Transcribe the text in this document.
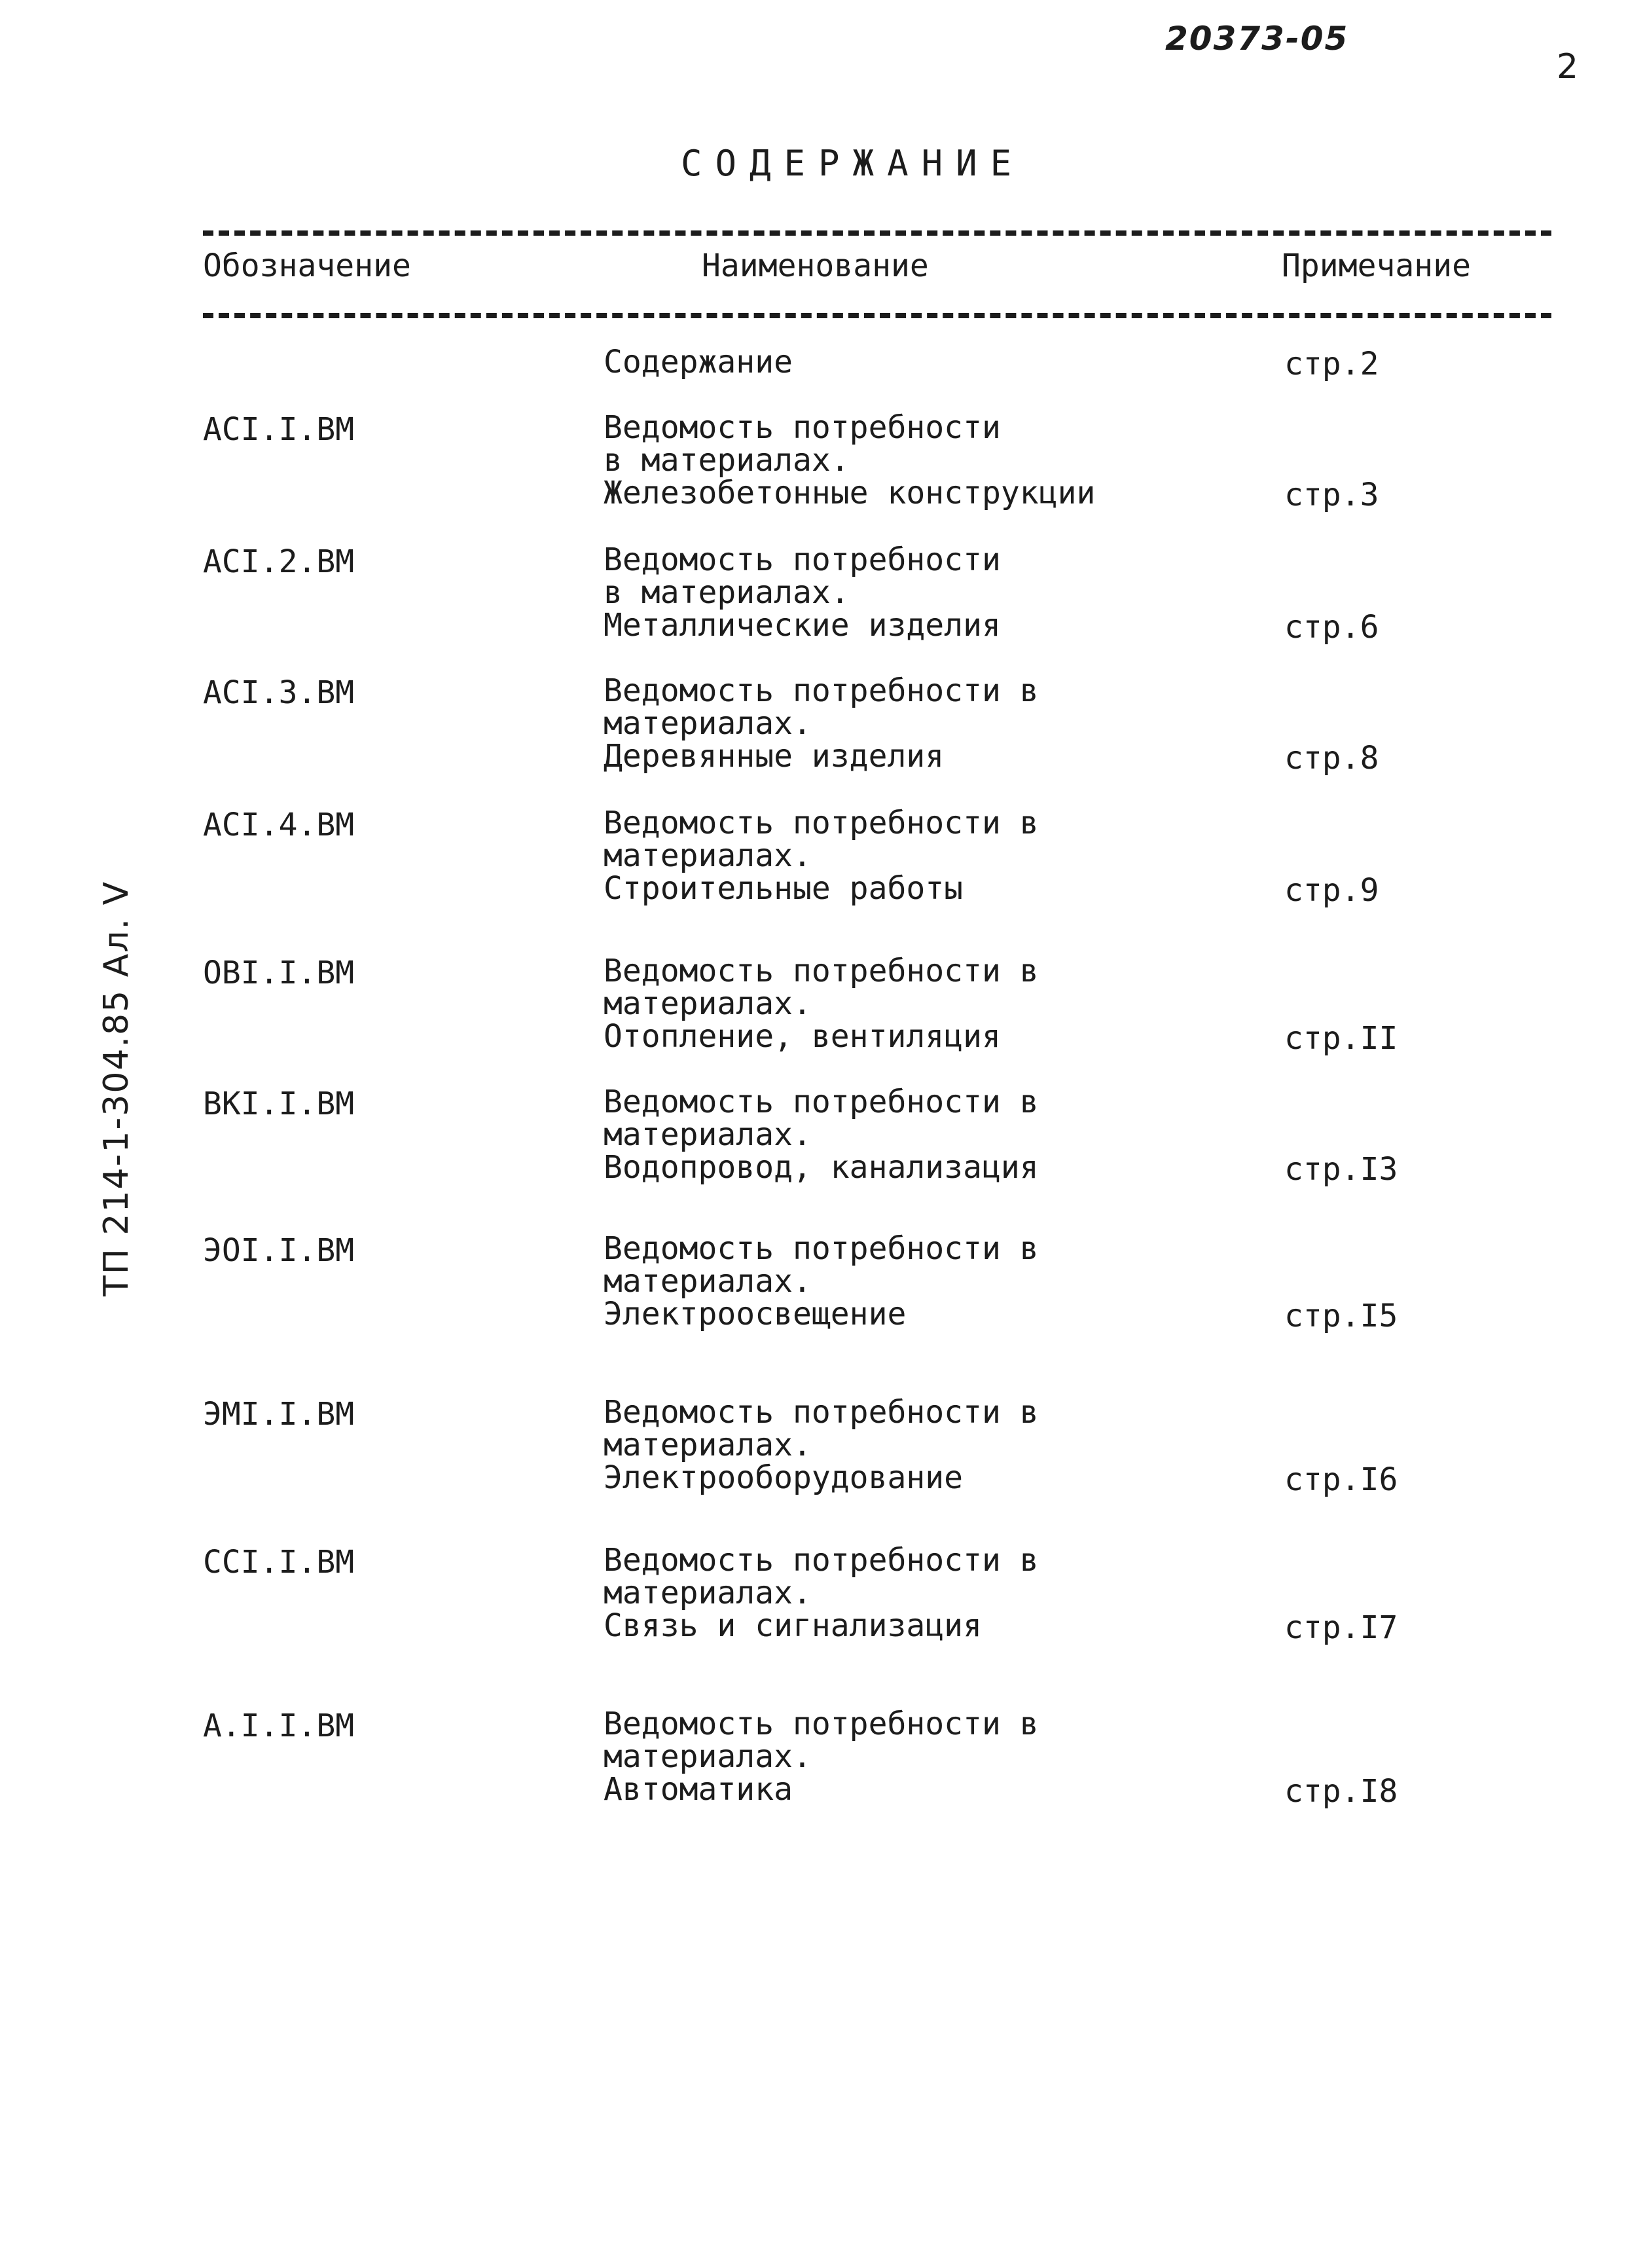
20373-05
2
СОДЕРЖАНИЕ
Обозначение	Наименование	Примечание
ТП 214-1-304.85 Ал. V
Содержание	стр.2
АСI.I.ВМ	Ведомость потребности
в материалах.
Железобетонные конструкции	стр.3
АСI.2.ВМ	Ведомость потребности
в материалах.
Металлические изделия	стр.6
АСI.3.ВМ	Ведомость потребности в
материалах.
Деревянные изделия	стр.8
АСI.4.ВМ	Ведомость потребности в
материалах.
Строительные работы	стр.9
ОВI.I.ВМ	Ведомость потребности в
материалах.
Отопление, вентиляция	стр.II
ВКI.I.ВМ	Ведомость потребности в
материалах.
Водопровод, канализация	стр.I3
ЭОI.I.ВМ	Ведомость потребности в
материалах.
Электроосвещение	стр.I5
ЭМI.I.ВМ	Ведомость потребности в
материалах.
Электрооборудование	стр.I6
ССI.I.ВМ	Ведомость потребности в
материалах.
Связь и сигнализация	стр.I7
А.I.I.ВМ	Ведомость потребности в
материалах.
Автоматика	стр.I8
